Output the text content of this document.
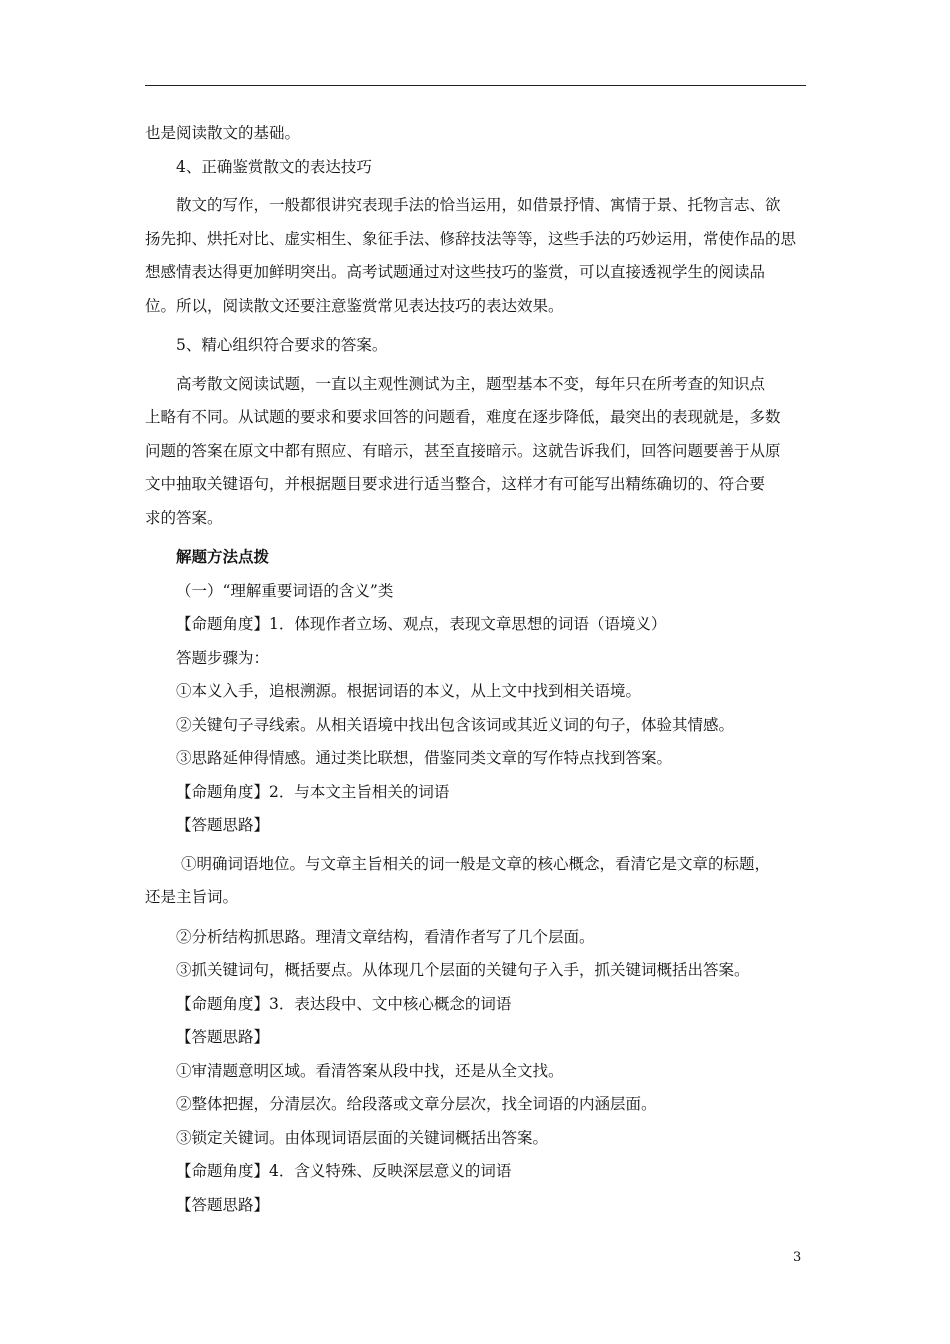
也是阅读散文的基础。
4、正确鉴赏散文的表达技巧
散文的写作，一般都很讲究表现手法的恰当运用，如借景抒情、寓情于景、托物言志、欲
扬先抑、烘托对比、虚实相生、象征手法、修辞技法等等，这些手法的巧妙运用，常使作品的思
想感情表达得更加鲜明突出。高考试题通过对这些技巧的鉴赏，可以直接透视学生的阅读品
位。所以，阅读散文还要注意鉴赏常见表达技巧的表达效果。
5、精心组织符合要求的答案。
高考散文阅读试题，一直以主观性测试为主，题型基本不变，每年只在所考查的知识点
上略有不同。从试题的要求和要求回答的问题看，难度在逐步降低，最突出的表现就是，多数
问题的答案在原文中都有照应、有暗示，甚至直接暗示。这就告诉我们，回答问题要善于从原
文中抽取关键语句，并根据题目要求进行适当整合，这样才有可能写出精练确切的、符合要
求的答案。
解题方法点拨
（一）“理解重要词语的含义”类
【命题角度】1．体现作者立场、观点，表现文章思想的词语（语境义）
答题步骤为：
①本义入手，追根溯源。根据词语的本义，从上文中找到相关语境。
②关键句子寻线索。从相关语境中找出包含该词或其近义词的句子，体验其情感。
③思路延伸得情感。通过类比联想，借鉴同类文章的写作特点找到答案。
【命题角度】2．与本文主旨相关的词语
【答题思路】
①明确词语地位。与文章主旨相关的词一般是文章的核心概念，看清它是文章的标题，
还是主旨词。
②分析结构抓思路。理清文章结构，看清作者写了几个层面。
③抓关键词句，概括要点。从体现几个层面的关键句子入手，抓关键词概括出答案。
【命题角度】3．表达段中、文中核心概念的词语
【答题思路】
①审清题意明区域。看清答案从段中找，还是从全文找。
②整体把握，分清层次。给段落或文章分层次，找全词语的内涵层面。
③锁定关键词。由体现词语层面的关键词概括出答案。
【命题角度】4．含义特殊、反映深层意义的词语
【答题思路】
3
